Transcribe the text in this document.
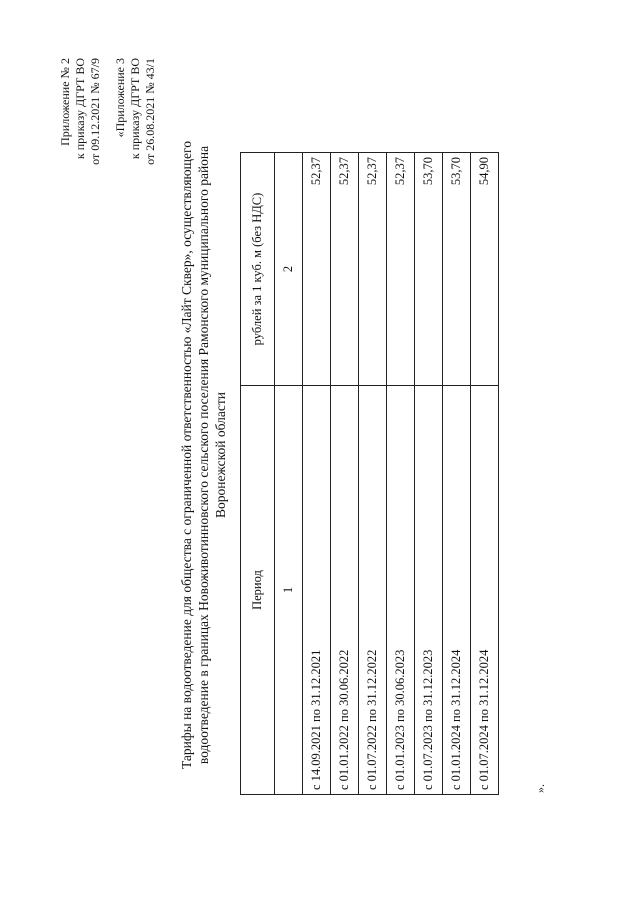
Приложение № 2 к приказу ДГРТ ВО от 09.12.2021 № 67/9 «Приложение 3 к приказу ДГРТ ВО от 26.08.2021 № 43/1
Тарифы на водоотведение для общества с ограниченной ответственностью «Лайт Сквер», осуществляющего водоотведение в границах Новоживотинновского сельского поселения Рамонского муниципального района Воронежской области
Период	рублей за 1 куб. м (без НДС)
1	2
с 14.09.2021 по 31.12.2021	52,37
с 01.01.2022 по 30.06.2022	52,37
с 01.07.2022 по 31.12.2022	52,37
с 01.01.2023 по 30.06.2023	52,37
с 01.07.2023 по 31.12.2023	53,70
с 01.01.2024 по 31.12.2024	53,70
с 01.07.2024 по 31.12.2024	54,90
».
